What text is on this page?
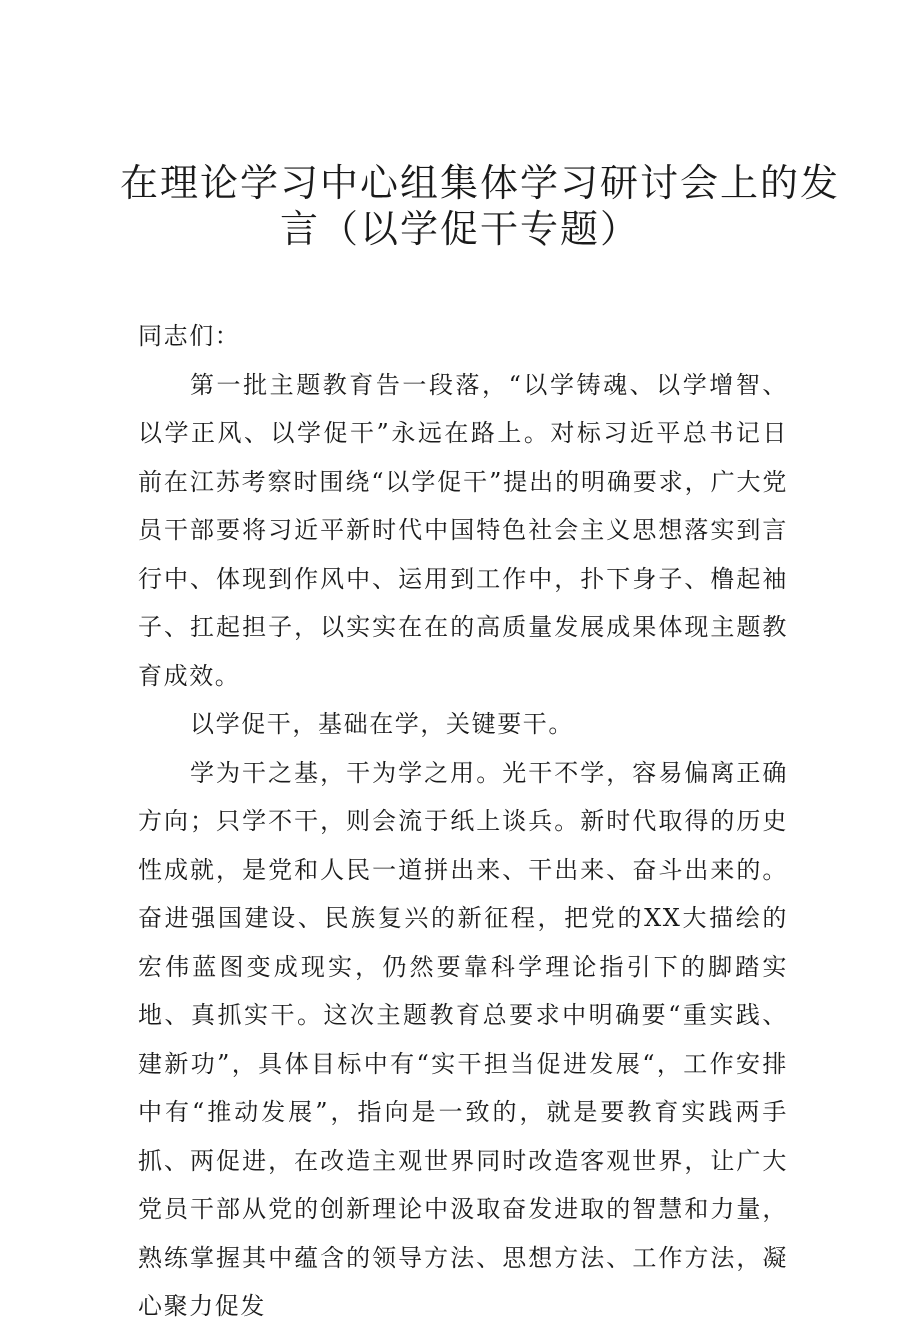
在理论学习中心组集体学习研讨会上的发
言（以学促干专题）

同志们：

第一批主题教育告一段落，“以学铸魂、以学增智、以学正风、以学促干”永远在路上。对标习近平总书记日前在江苏考察时围绕“以学促干”提出的明确要求，广大党员干部要将习近平新时代中国特色社会主义思想落实到言行中、体现到作风中、运用到工作中，扑下身子、橹起袖子、扛起担子，以实实在在的高质量发展成果体现主题教育成效。

以学促干，基础在学，关键要干。

学为干之基，干为学之用。光干不学，容易偏离正确方向；只学不干，则会流于纸上谈兵。新时代取得的历史性成就，是党和人民一道拼出来、干出来、奋斗出来的。奋进强国建设、民族复兴的新征程，把党的XX大描绘的宏伟蓝图变成现实，仍然要靠科学理论指引下的脚踏实地、真抓实干。这次主题教育总要求中明确要“重实践、建新功”，具体目标中有“实干担当促进发展“，工作安排中有“推动发展”，指向是一致的，就是要教育实践两手抓、两促进，在改造主观世界同时改造客观世界，让广大党员干部从党的创新理论中汲取奋发进取的智慧和力量，熟练掌握其中蕴含的领导方法、思想方法、工作方法，凝心聚力促发
